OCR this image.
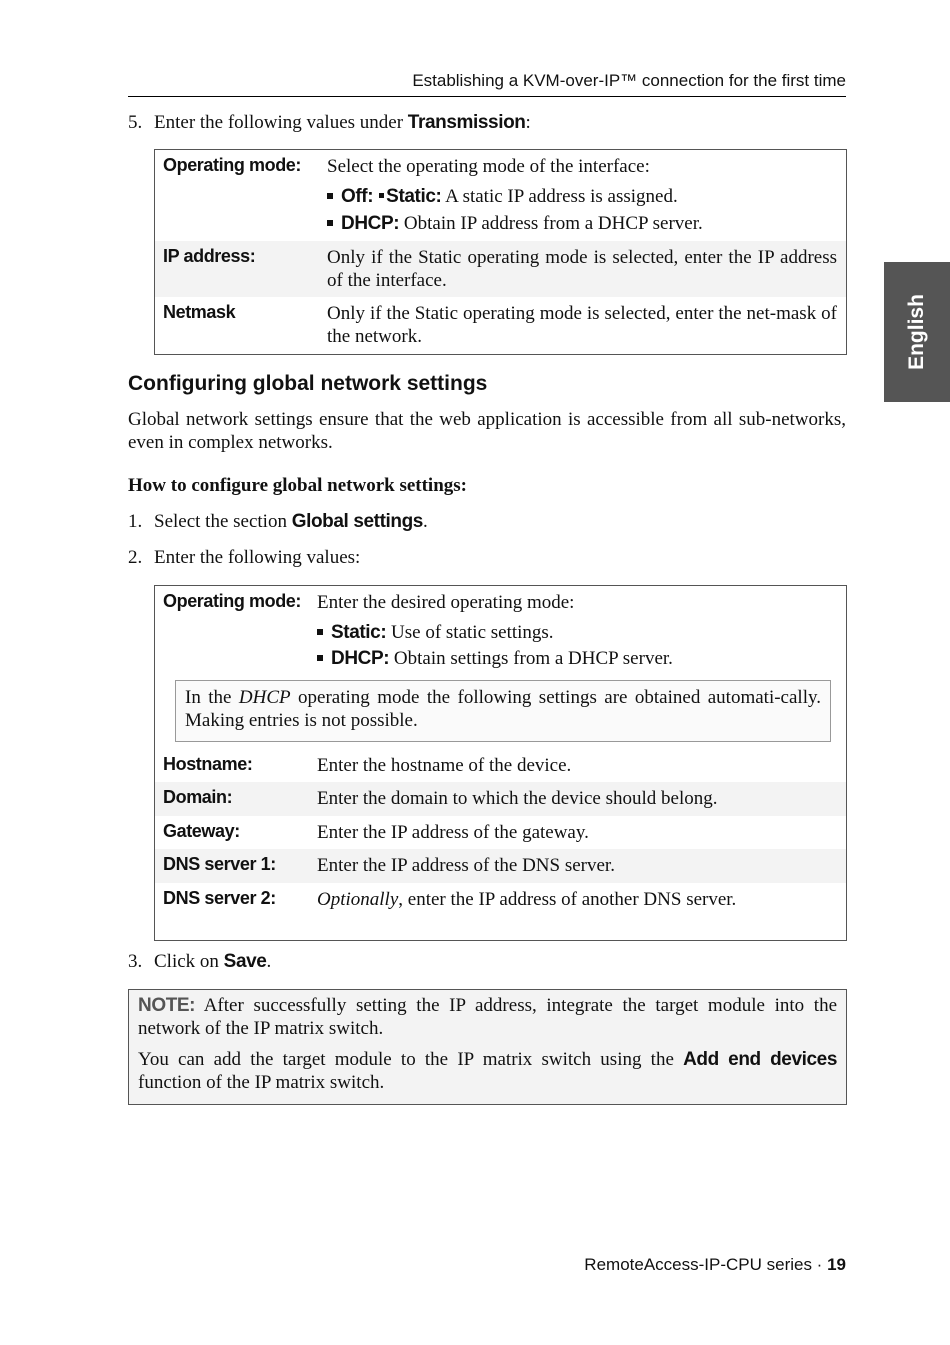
Establishing a KVM-over-IP™ connection for the first time
English
5. Enter the following values under Transmission:
Operating mode: Select the operating mode of the interface:
Off: Static: A static IP address is assigned.
DHCP: Obtain IP address from a DHCP server.
IP address:	Only if the Static operating mode is selected, enter the IP address of the interface.
Netmask	Only if the Static operating mode is selected, enter the net-mask of the network.
Configuring global network settings
Global network settings ensure that the web application is accessible from all sub-networks, even in complex networks.
How to configure global network settings:
1. Select the section Global settings.
2. Enter the following values:
Operating mode: Enter the desired operating mode:
Static: Use of static settings.
DHCP: Obtain settings from a DHCP server.
In the DHCP operating mode the following settings are obtained automati-cally. Making entries is not possible.
Hostname:	Enter the hostname of the device.
Domain:	Enter the domain to which the device should belong.
Gateway:	Enter the IP address of the gateway.
DNS server 1: Enter the IP address of the DNS server.
DNS server 2: Optionally, enter the IP address of another DNS server.
3. Click on Save.
NOTE: After successfully setting the IP address, integrate the target module into the network of the IP matrix switch.
You can add the target module to the IP matrix switch using the Add end devices function of the IP matrix switch.
RemoteAccess-IP-CPU series · 19
